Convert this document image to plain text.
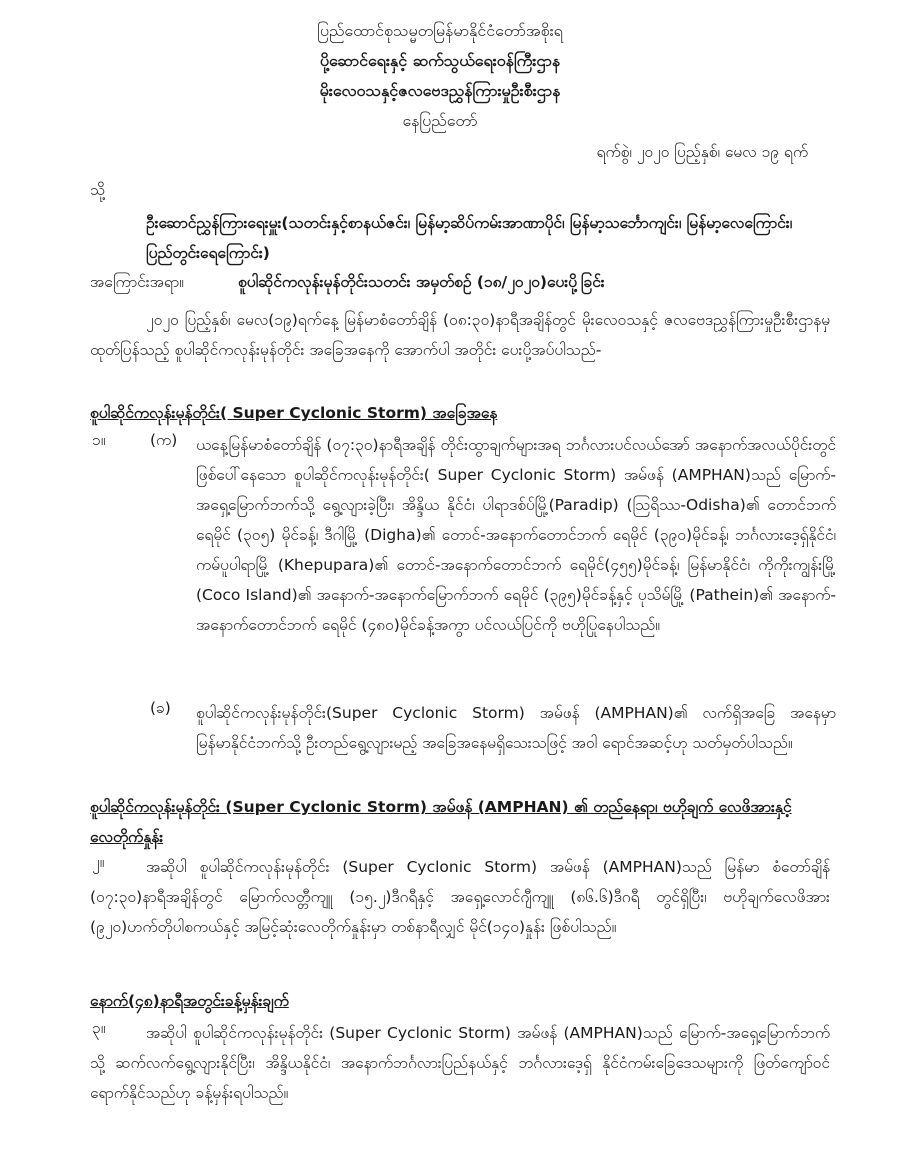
ပြည်ထောင်စုသမ္မတမြန်မာနိုင်ငံတော်အစိုးရ
ပို့ဆောင်ရေးနှင့် ဆက်သွယ်ရေးဝန်ကြီးဌာန
မိုးလေဝသနှင့်ဇလဗေဒညွှန်ကြားမှုဦးစီးဌာန
နေပြည်တော်
ရက်စွဲ၊ ၂၀၂၀ ပြည့်နှစ်၊ မေလ ၁၉ ရက်
သို့
ဦးဆောင်ညွှန်ကြားရေးမှူး(သတင်းနှင့်စာနယ်ဇင်း၊ မြန်မာ့ဆိပ်ကမ်းအာဏာပိုင်၊ မြန်မာ့သင်္ဘောကျင်း၊ မြန်မာ့လေကြောင်း၊ ပြည်တွင်းရေကြောင်း)
အကြောင်းအရာ။	စူပါဆိုင်ကလုန်းမုန်တိုင်းသတင်း အမှတ်စဉ် (၁၈/၂၀၂၀)ပေးပို့ခြင်း
၂၀၂၀ ပြည့်နှစ်၊ မေလ(၁၉)ရက်နေ့ မြန်မာစံတော်ချိန် (၀၈:၃၀)နာရီအချိန်တွင် မိုးလေဝသနှင့် ဇလဗေဒညွှန်ကြားမှုဦးစီးဌာနမှ ထုတ်ပြန်သည့် စူပါဆိုင်ကလုန်းမုန်တိုင်း အခြေအနေကို အောက်ပါ အတိုင်း ပေးပို့အပ်ပါသည်-
စူပါဆိုင်ကလုန်းမုန်တိုင်း( Super Cyclonic Storm) အခြေအနေ
၁။	(က) ယနေ့မြန်မာစံတော်ချိန် (၀၇:၃၀)နာရီအချိန် တိုင်းထွာချက်များအရ ဘင်္ဂလားပင်လယ်အော် အနောက်အလယ်ပိုင်းတွင် ဖြစ်ပေါ်နေသော စူပါဆိုင်ကလုန်းမုန်တိုင်း( Super Cyclonic Storm) အမ်ဖန် (AMPHAN)သည် မြောက်-အရှေ့မြောက်ဘက်သို့ ရွေ့လျားခဲ့ပြီး၊ အိန္ဒိယ နိုင်ငံ၊ ပါရာဒစ်ပ်မြို့(Paradip) (ဩရိဿ-Odisha)၏ တောင်ဘက် ရေမိုင် (၃၀၅) မိုင်ခန့်၊ ဒီဂါမြို့ (Digha)၏ တောင်-အနောက်တောင်ဘက် ရေမိုင် (၃၉၀)မိုင်ခန့်၊ ဘင်္ဂလားဒေ့ရှ်နိုင်ငံ၊ ကမ်ပူပါရာမြို့ (Khepupara)၏ တောင်-အနောက်တောင်ဘက် ရေမိုင်(၄၅၅)မိုင်ခန့်၊ မြန်မာနိုင်ငံ၊ ကိုကိုးကျွန်းမြို့ (Coco Island)၏ အနောက်-အနောက်မြောက်ဘက် ရေမိုင် (၃၉၅)မိုင်ခန့်နှင့် ပုသိမ်မြို့ (Pathein)၏ အနောက်-အနောက်တောင်ဘက် ရေမိုင် (၄၈၀)မိုင်ခန့်အကွာ ပင်လယ်ပြင်ကို ဗဟိုပြုနေပါသည်။
(ခ) စူပါဆိုင်ကလုန်းမုန်တိုင်း(Super Cyclonic Storm) အမ်ဖန် (AMPHAN)၏ လက်ရှိအခြေ အနေမှာ မြန်မာနိုင်ငံဘက်သို့ ဦးတည်ရွေ့လျားမည့် အခြေအနေမရှိသေးသဖြင့် အဝါ ရောင်အဆင့်ဟု သတ်မှတ်ပါသည်။
စူပါဆိုင်ကလုန်းမုန်တိုင်း (Super Cyclonic Storm) အမ်ဖန် (AMPHAN) ၏ တည်နေရာ၊ ဗဟိုချက် လေဖိအားနှင့် လေတိုက်နှုန်း
၂။	အဆိုပါ စူပါဆိုင်ကလုန်းမုန်တိုင်း (Super Cyclonic Storm) အမ်ဖန် (AMPHAN)သည် မြန်မာ စံတော်ချိန် (၀၇:၃၀)နာရီအချိန်တွင် မြောက်လတ္တီကျူ (၁၅.၂)ဒီဂရီနှင့် အရှေ့လောင်ဂျီကျူ (၈၆.၆)ဒီဂရီ တွင်ရှိပြီး၊ ဗဟိုချက်လေဖိအား (၉၂၀)ဟက်တိုပါစကယ်နှင့် အမြင့်ဆုံးလေတိုက်နှုန်းမှာ တစ်နာရီလျှင် မိုင်(၁၄၀)နှုန်း ဖြစ်ပါသည်။
နောက်(၄၈)နာရီအတွင်းခန့်မှန်းချက်
၃။	အဆိုပါ စူပါဆိုင်ကလုန်းမုန်တိုင်း (Super Cyclonic Storm) အမ်ဖန် (AMPHAN)သည် မြောက်-အရှေ့မြောက်ဘက်သို့ ဆက်လက်ရွေ့လျားနိုင်ပြီး၊ အိန္ဒိယနိုင်ငံ၊ အနောက်ဘင်္ဂလားပြည်နယ်နှင့် ဘင်္ဂလားဒေ့ရှ် နိုင်ငံကမ်းခြေဒေသများကို ဖြတ်ကျော်ဝင်ရောက်နိုင်သည်ဟု ခန့်မှန်းရပါသည်။
